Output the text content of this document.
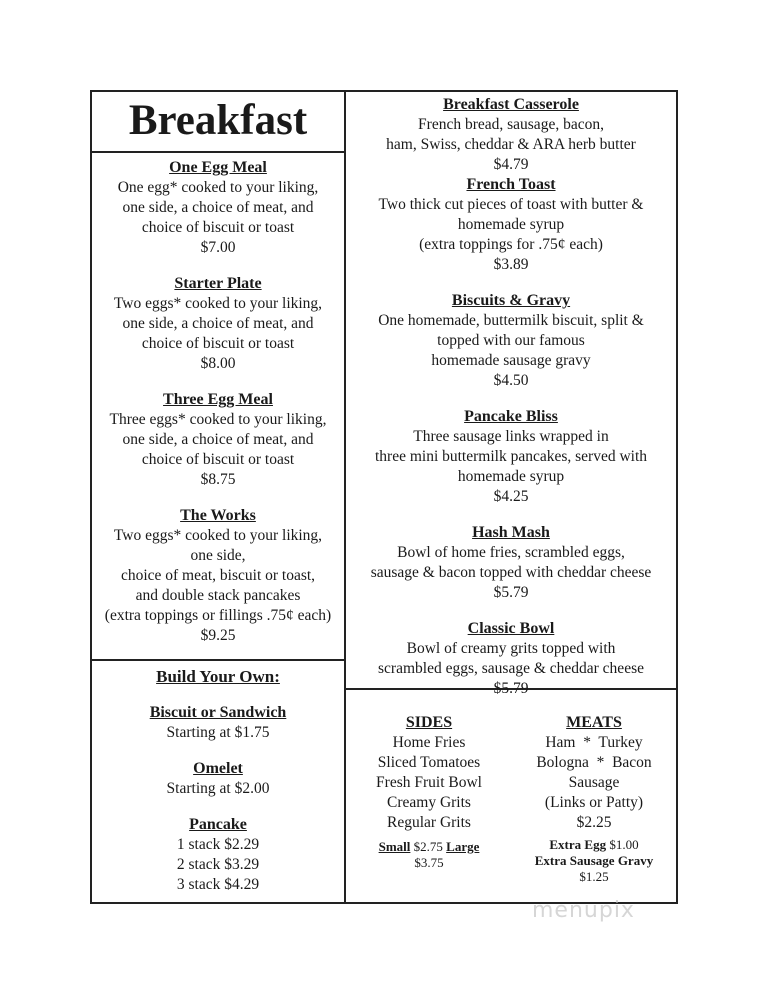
Breakfast
One Egg Meal
One egg* cooked to your liking,
one side, a choice of meat, and
choice of biscuit or toast
$7.00
Starter Plate
Two eggs* cooked to your liking,
one side, a choice of meat, and
choice of biscuit or toast
$8.00
Three Egg Meal
Three eggs* cooked to your liking,
one side, a choice of meat, and
choice of biscuit or toast
$8.75
The Works
Two eggs* cooked to your liking,
one side,
choice of meat, biscuit or toast,
and double stack pancakes
(extra toppings or fillings .75¢ each)
$9.25
Build Your Own:
Biscuit or Sandwich
Starting at $1.75
Omelet
Starting at $2.00
Pancake
1 stack $2.29
2 stack $3.29
3 stack $4.29
Breakfast Casserole
French bread, sausage, bacon,
ham, Swiss, cheddar & ARA herb butter
$4.79
French Toast
Two thick cut pieces of toast with butter &
homemade syrup
(extra toppings for .75¢ each)
$3.89
Biscuits & Gravy
One homemade, buttermilk biscuit, split &
topped with our famous
homemade sausage gravy
$4.50
Pancake Bliss
Three sausage links wrapped in
three mini buttermilk pancakes, served with
homemade syrup
$4.25
Hash Mash
Bowl of home fries, scrambled eggs,
sausage & bacon topped with cheddar cheese
$5.79
Classic Bowl
Bowl of creamy grits topped with
scrambled eggs, sausage & cheddar cheese
$5.79
SIDES
Home Fries
Sliced Tomatoes
Fresh Fruit Bowl
Creamy Grits
Regular Grits
Small $2.75 Large
$3.75
MEATS
Ham  *  Turkey
Bologna  *  Bacon
Sausage
(Links or Patty)
$2.25
Extra Egg $1.00
Extra Sausage Gravy
$1.25
menupix
